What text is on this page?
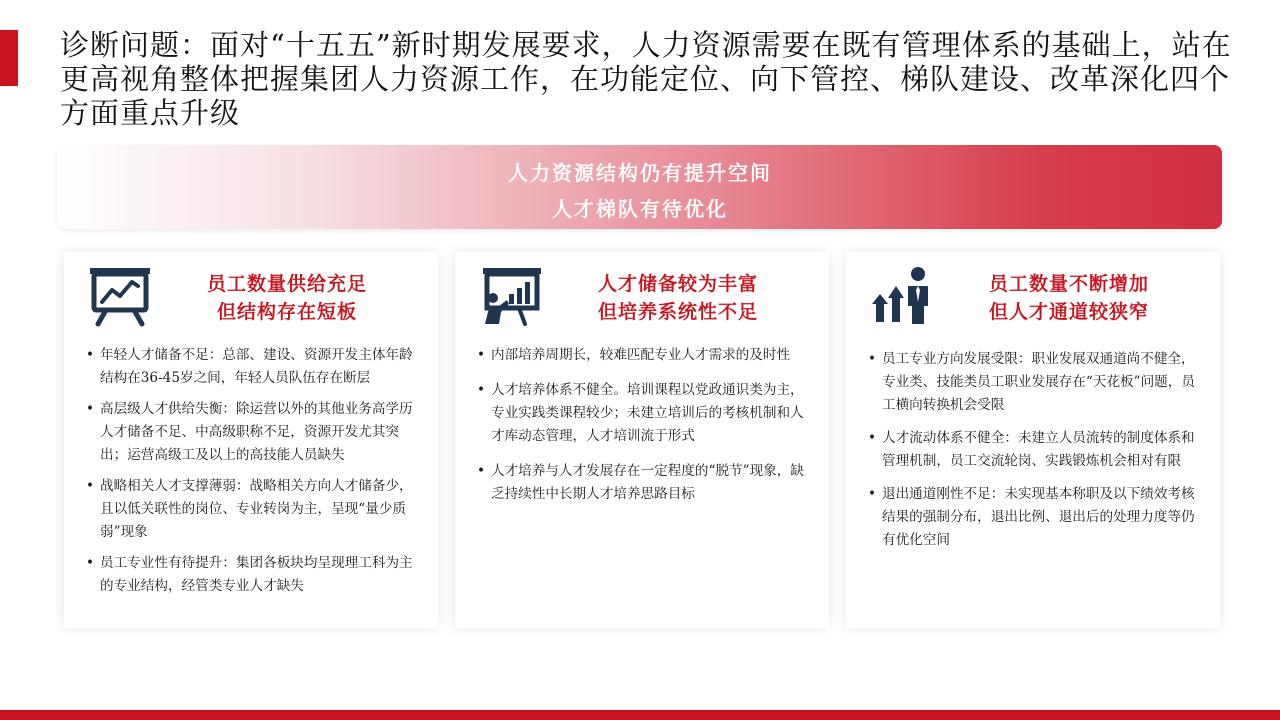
诊断问题：面对“十五五”新时期发展要求，人力资源需要在既有管理体系的基础上，站在更高视角整体把握集团人力资源工作，在功能定位、向下管控、梯队建设、改革深化四个方面重点升级
人力资源结构仍有提升空间
人才梯队有待优化
员工数量供给充足
但结构存在短板
• 年轻人才储备不足：总部、建设、资源开发主体年龄结构在36-45岁之间，年轻人员队伍存在断层
• 高层级人才供给失衡：除运营以外的其他业务高学历人才储备不足、中高级职称不足，资源开发尤其突出；运营高级工及以上的高技能人员缺失
• 战略相关人才支撑薄弱：战略相关方向人才储备少，且以低关联性的岗位、专业转岗为主，呈现“量少质弱”现象
• 员工专业性有待提升：集团各板块均呈现理工科为主的专业结构，经管类专业人才缺失
人才储备较为丰富
但培养系统性不足
• 内部培养周期长，较难匹配专业人才需求的及时性
• 人才培养体系不健全。培训课程以党政通识类为主，专业实践类课程较少；未建立培训后的考核机制和人才库动态管理，人才培训流于形式
• 人才培养与人才发展存在一定程度的“脱节”现象，缺乏持续性中长期人才培养思路目标
员工数量不断增加
但人才通道较狭窄
• 员工专业方向发展受限：职业发展双通道尚不健全，专业类、技能类员工职业发展存在“天花板”问题，员工横向转换机会受限
• 人才流动体系不健全：未建立人员流转的制度体系和管理机制，员工交流轮岗、实践锻炼机会相对有限
• 退出通道刚性不足：未实现基本称职及以下绩效考核结果的强制分布，退出比例、退出后的处理力度等仍有优化空间
